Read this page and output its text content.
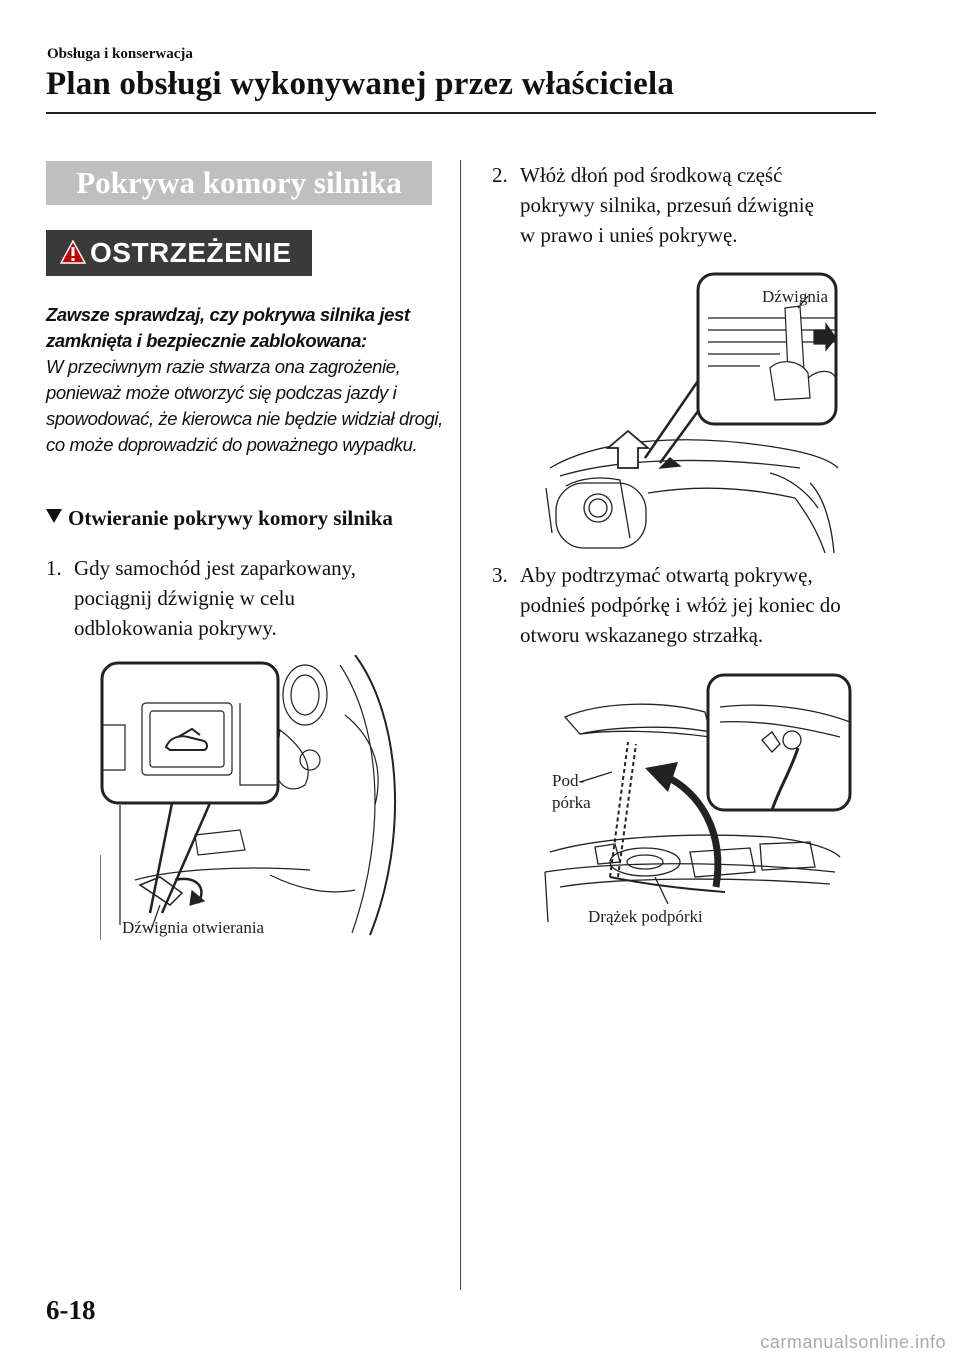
Obsługa i konserwacja
Plan obsługi wykonywanej przez właściciela
Pokrywa komory silnika
OSTRZEŻENIE
Zawsze sprawdzaj, czy pokrywa silnika jest zamknięta i bezpiecznie zablokowana:
W przeciwnym razie stwarza ona zagrożenie, ponieważ może otworzyć się podczas jazdy i spowodować, że kierowca nie będzie widział drogi, co może doprowadzić do poważnego wypadku.
Otwieranie pokrywy komory silnika
1. Gdy samochód jest zaparkowany,
pociągnij dźwignię w celu
odblokowania pokrywy.
2. Włóż dłoń pod środkową część
pokrywy silnika, przesuń dźwignię
w prawo i unieś pokrywę.
3. Aby podtrzymać otwartą pokrywę,
podnieś podpórkę i włóż jej koniec do
otworu wskazanego strzałką.
Dźwignia otwierania
Dźwignia
Pod-
pórka
Drążek podpórki
6-18
carmanualsonline.info
